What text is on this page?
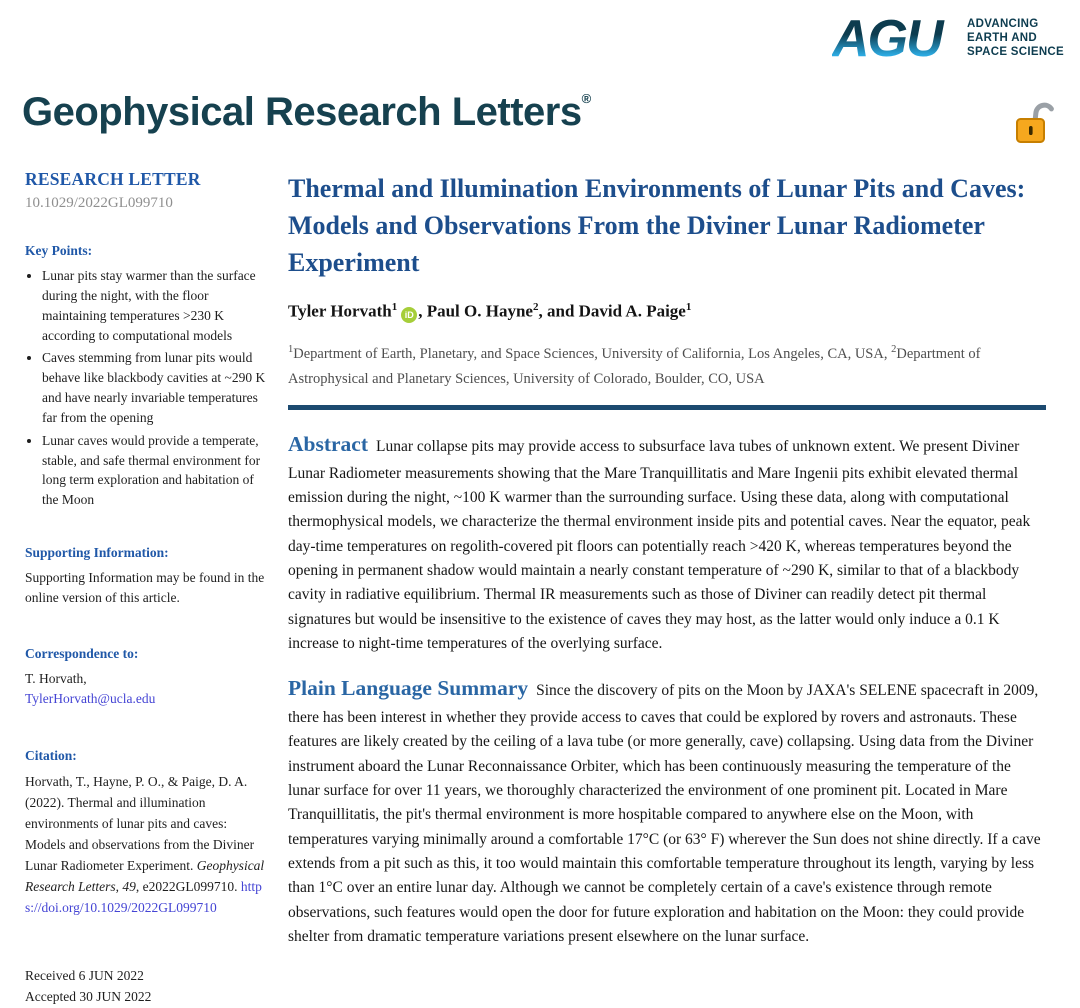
AGU ADVANCING
EARTH AND
SPACE SCIENCE
Geophysical Research Letters®
RESEARCH LETTER
10.1029/2022GL099710
Key Points:
• Lunar pits stay warmer than the surface during the night, with the floor maintaining temperatures >230 K according to computational models
• Caves stemming from lunar pits would behave like blackbody cavities at ~290 K and have nearly invariable temperatures far from the opening
• Lunar caves would provide a temperate, stable, and safe thermal environment for long term exploration and habitation of the Moon
Supporting Information:
Supporting Information may be found in the online version of this article.
Correspondence to:
T. Horvath,
TylerHorvath@ucla.edu
Citation:
Horvath, T., Hayne, P. O., & Paige, D. A. (2022). Thermal and illumination environments of lunar pits and caves: Models and observations from the Diviner Lunar Radiometer Experiment. Geophysical Research Letters, 49, e2022GL099710. https://doi.org/10.1029/2022GL099710
Received 6 JUN 2022
Accepted 30 JUN 2022
Thermal and Illumination Environments of Lunar Pits and Caves: Models and Observations From the Diviner Lunar Radiometer Experiment

Tyler Horvath$^1$iD , Paul O. Hayne$^2$, and David A. Paige$^1$

$^1$Department of Earth, Planetary, and Space Sciences, University of California, Los Angeles, CA, USA, $^2$Department of Astrophysical and Planetary Sciences, University of Colorado, Boulder, CO, USA

Abstract Lunar collapse pits may provide access to subsurface lava tubes of unknown extent. We present Diviner Lunar Radiometer measurements showing that the Mare Tranquillitatis and Mare Ingenii pits exhibit elevated thermal emission during the night, ~100 K warmer than the surrounding surface. Using these data, along with computational thermophysical models, we characterize the thermal environment inside pits and potential caves. Near the equator, peak day-time temperatures on regolith-covered pit floors can potentially reach >420 K, whereas temperatures beyond the opening in permanent shadow would maintain a nearly constant temperature of ~290 K, similar to that of a blackbody cavity in radiative equilibrium. Thermal IR measurements such as those of Diviner can readily detect pit thermal signatures but would be insensitive to the existence of caves they may host, as the latter would only induce a 0.1 K increase to night-time temperatures of the overlying surface.

Plain Language Summary Since the discovery of pits on the Moon by JAXA's SELENE spacecraft in 2009, there has been interest in whether they provide access to caves that could be explored by rovers and astronauts. These features are likely created by the ceiling of a lava tube (or more generally, cave) collapsing. Using data from the Diviner instrument aboard the Lunar Reconnaissance Orbiter, which has been continuously measuring the temperature of the lunar surface for over 11 years, we thoroughly characterized the environment of one prominent pit. Located in Mare Tranquillitatis, the pit's thermal environment is more hospitable compared to anywhere else on the Moon, with temperatures varying minimally around a comfortable 17°C (or 63° F) wherever the Sun does not shine directly. If a cave extends from a pit such as this, it too would maintain this comfortable temperature throughout its length, varying by less than 1°C over an entire lunar day. Although we cannot be completely certain of a cave's existence through remote observations, such features would open the door for future exploration and habitation on the Moon: they could provide shelter from dramatic temperature variations present elsewhere on the lunar surface.
